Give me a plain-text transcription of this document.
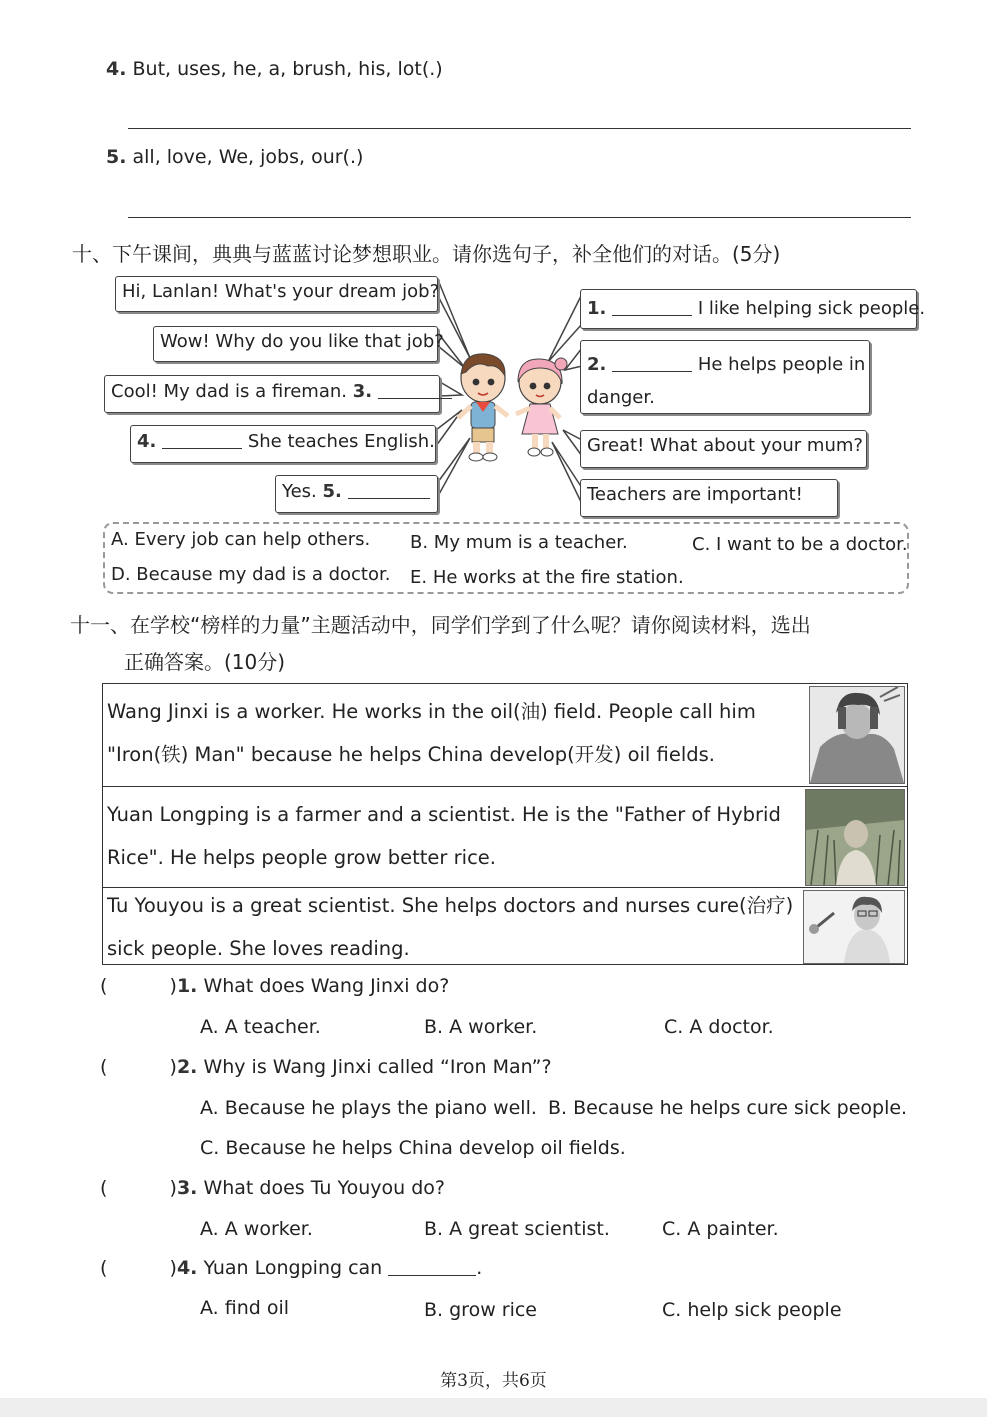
4. But, uses, he, a, brush, his, lot(.)
5. all, love, We, jobs, our(.)
十、下午课间，典典与蓝蓝讨论梦想职业。请你选句子，补全他们的对话。(5分)
Hi, Lanlan! What's your dream job?
Wow! Why do you like that job?
Cool! My dad is a fireman. 3.
4.	She teaches English.
Yes. 5.
1.	I like helping sick people.
2.	He helps people in
danger.
Great! What about your mum?
Teachers are important!
A. Every job can help others. B. My mum is a teacher.	C. I want to be a doctor.
D. Because my dad is a doctor. E. He works at the fire station.
十一、在学校“榜样的力量”主题活动中，同学们学到了什么呢？请你阅读材料，选出
正确答案。(10分)
Wang Jinxi is a worker. He works in the oil(油) field. People call him
"Iron(铁) Man" because he helps China develop(开发) oil fields.
Yuan Longping is a farmer and a scientist. He is the "Father of Hybrid
Rice". He helps people grow better rice.
Tu Youyou is a great scientist. She helps doctors and nurses cure(治疗)
sick people. She loves reading.
(	)1. What does Wang Jinxi do?
A. A teacher.	B. A worker.	C. A doctor.
(	)2. Why is Wang Jinxi called “Iron Man”?
A. Because he plays the piano well. B. Because he helps cure sick people.
C. Because he helps China develop oil fields.
(	)3. What does Tu Youyou do?
A. A worker.	B. A great scientist.	C. A painter.
(	)4. Yuan Longping can	.
A. find oil	B. grow rice	C. help sick people
第3页，共6页
